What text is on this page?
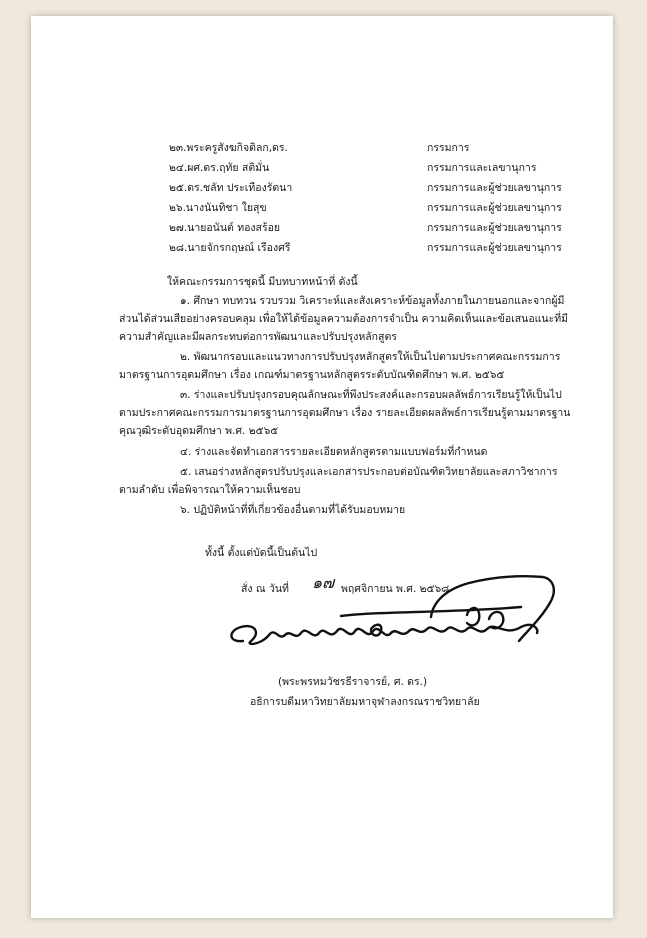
๒๓.พระครูสังฆกิจติลก,ดร.	กรรมการ
๒๔.ผศ.ดร.ฤทัย สติมั่น	กรรมการและเลขานุการ
๒๕.ดร.ชลัท ประเทืองรัตนา	กรรมการและผู้ช่วยเลขานุการ
๒๖.นางนันทิชา ใยสุข	กรรมการและผู้ช่วยเลขานุการ
๒๗.นายอนันต์ ทองสร้อย	กรรมการและผู้ช่วยเลขานุการ
๒๘.นายจักรกฤษณ์ เรืองศรี	กรรมการและผู้ช่วยเลขานุการ
ให้คณะกรรมการชุดนี้ มีบทบาทหน้าที่ ดังนี้
๑. ศึกษา ทบทวน รวบรวม วิเคราะห์และสังเคราะห์ข้อมูลทั้งภายในภายนอกและจากผู้มี
ส่วนได้ส่วนเสียอย่างครอบคลุม เพื่อให้ได้ข้อมูลความต้องการจำเป็น ความคิดเห็นและข้อเสนอแนะที่มี
ความสำคัญและมีผลกระทบต่อการพัฒนาและปรับปรุงหลักสูตร
๒. พัฒนากรอบและแนวทางการปรับปรุงหลักสูตรให้เป็นไปตามประกาศคณะกรรมการ
มาตรฐานการอุดมศึกษา เรื่อง เกณฑ์มาตรฐานหลักสูตรระดับบัณฑิตศึกษา พ.ศ. ๒๕๖๕
๓. ร่างและปรับปรุงกรอบคุณลักษณะที่พึงประสงค์และกรอบผลลัพธ์การเรียนรู้ให้เป็นไป
ตามประกาศคณะกรรมการมาตรฐานการอุดมศึกษา เรื่อง รายละเอียดผลลัพธ์การเรียนรู้ตามมาตรฐาน
คุณวุฒิระดับอุดมศึกษา พ.ศ. ๒๕๖๕
๔. ร่างและจัดทำเอกสารรายละเอียดหลักสูตรตามแบบฟอร์มที่กำหนด
๕. เสนอร่างหลักสูตรปรับปรุงและเอกสารประกอบต่อบัณฑิตวิทยาลัยและสภาวิชาการ
ตามลำดับ เพื่อพิจารณาให้ความเห็นชอบ
๖. ปฏิบัติหน้าที่ที่เกี่ยวข้องอื่นตามที่ได้รับมอบหมาย
ทั้งนี้ ตั้งแต่บัดนี้เป็นต้นไป
สั่ง ณ วันที่ ๑๗ พฤศจิกายน พ.ศ. ๒๕๖๘
(พระพรหมวัชรธีราจารย์, ศ. ดร.)
อธิการบดีมหาวิทยาลัยมหาจุฬาลงกรณราชวิทยาลัย
